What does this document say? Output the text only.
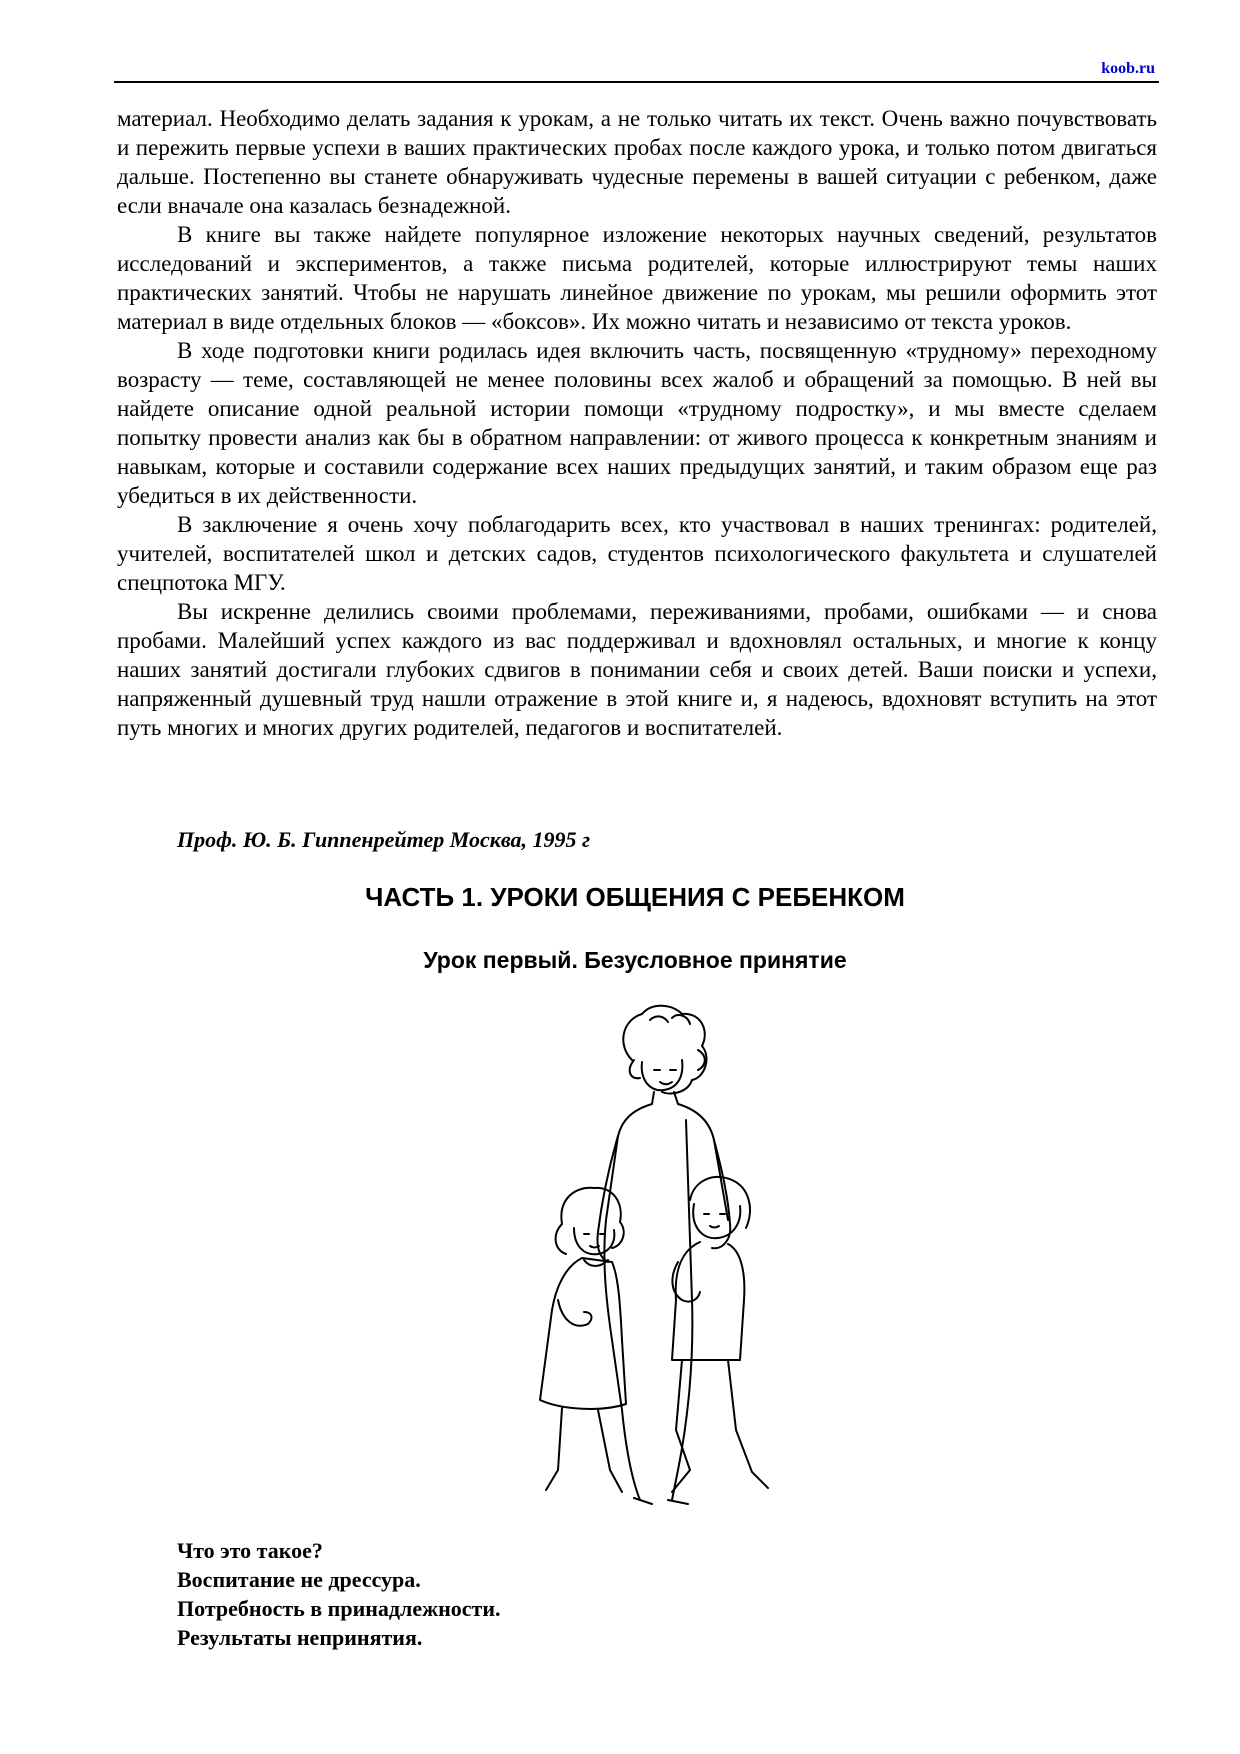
koob.ru

материал. Необходимо делать задания к урокам, а не только читать их текст. Очень важно почувствовать и пережить первые успехи в ваших практических пробах после каждого урока, и только потом двигаться дальше. Постепенно вы станете обнаруживать чудесные перемены в вашей ситуации с ребенком, даже если вначале она казалась безнадежной.

В книге вы также найдете популярное изложение некоторых научных сведений, результатов исследований и экспериментов, а также письма родителей, которые иллюстрируют темы наших практических занятий. Чтобы не нарушать линейное движение по урокам, мы решили оформить этот материал в виде отдельных блоков — «боксов». Их можно читать и независимо от текста уроков.

В ходе подготовки книги родилась идея включить часть, посвященную «трудному» переходному возрасту — теме, составляющей не менее половины всех жалоб и обращений за помощью. В ней вы найдете описание одной реальной истории помощи «трудному подростку», и мы вместе сделаем попытку провести анализ как бы в обратном направлении: от живого процесса к конкретным знаниям и навыкам, которые и составили содержание всех наших предыдущих занятий, и таким образом еще раз убедиться в их действенности.

В заключение я очень хочу поблагодарить всех, кто участвовал в наших тренингах: родителей, учителей, воспитателей школ и детских садов, студентов психологического факультета и слушателей спецпотока МГУ.

Вы искренне делились своими проблемами, переживаниями, пробами, ошибками — и снова пробами. Малейший успех каждого из вас поддерживал и вдохновлял остальных, и многие к концу наших занятий достигали глубоких сдвигов в понимании себя и своих детей. Ваши поиски и успехи, напряженный душевный труд нашли отражение в этой книге и, я надеюсь, вдохновят вступить на этот путь многих и многих других родителей, педагогов и воспитателей.

Проф. Ю. Б. Гиппенрейтер Москва, 1995 г
ЧАСТЬ 1. УРОКИ ОБЩЕНИЯ С РЕБЕНКОМ
Урок первый. Безусловное принятие
Что это такое?
Воспитание не дрессура.
Потребность в принадлежности.
Результаты непринятия.
